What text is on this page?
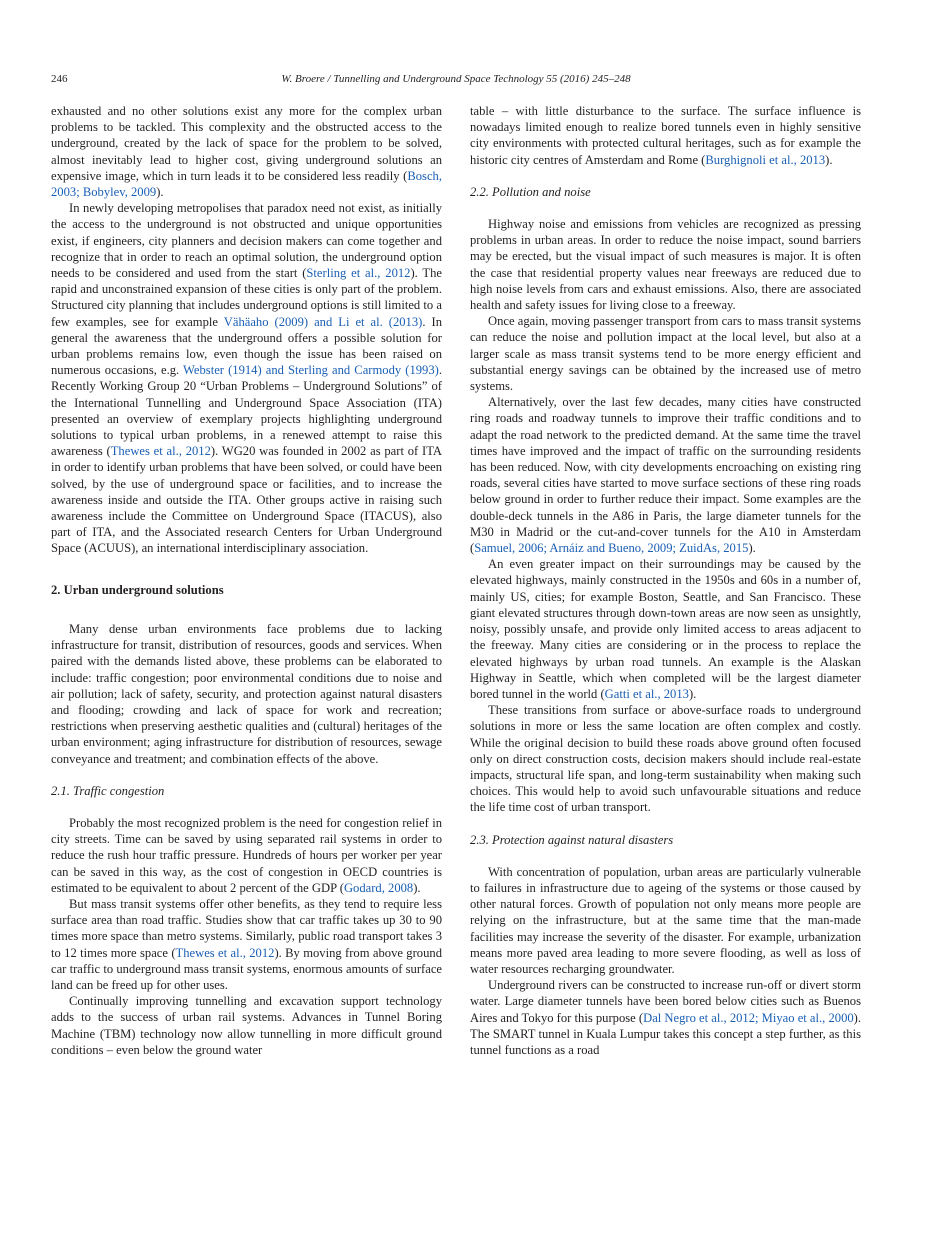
246	W. Broere / Tunnelling and Underground Space Technology 55 (2016) 245–248

exhausted and no other solutions exist any more for the complex urban problems to be tackled. This complexity and the obstructed access to the underground, created by the lack of space for the problem to be solved, almost inevitably lead to higher cost, giving underground solutions an expensive image, which in turn leads it to be considered less readily (Bosch, 2003; Bobylev, 2009).

In newly developing metropolises that paradox need not exist, as initially the access to the underground is not obstructed and unique opportunities exist, if engineers, city planners and decision makers can come together and recognize that in order to reach an optimal solution, the underground option needs to be considered and used from the start (Sterling et al., 2012). The rapid and unconstrained expansion of these cities is only part of the problem. Structured city planning that includes underground options is still limited to a few examples, see for example Vähäaho (2009) and Li et al. (2013). In general the awareness that the underground offers a possible solution for urban problems remains low, even though the issue has been raised on numerous occasions, e.g. Webster (1914) and Sterling and Carmody (1993). Recently Working Group 20 “Urban Problems – Underground Solutions” of the International Tunnelling and Underground Space Association (ITA) presented an overview of exemplary projects highlighting underground solutions to typical urban problems, in a renewed attempt to raise this awareness (Thewes et al., 2012). WG20 was founded in 2002 as part of ITA in order to identify urban problems that have been solved, or could have been solved, by the use of underground space or facilities, and to increase the awareness inside and outside the ITA. Other groups active in raising such awareness include the Committee on Underground Space (ITACUS), also part of ITA, and the Associated research Centers for Urban Underground Space (ACUUS), an international interdisciplinary association.

2. Urban underground solutions

Many dense urban environments face problems due to lacking infrastructure for transit, distribution of resources, goods and services. When paired with the demands listed above, these problems can be elaborated to include: traffic congestion; poor environmental conditions due to noise and air pollution; lack of safety, security, and protection against natural disasters and flooding; crowding and lack of space for work and recreation; restrictions when preserving aesthetic qualities and (cultural) heritages of the urban environment; aging infrastructure for distribution of resources, sewage conveyance and treatment; and combination effects of the above.

2.1. Traffic congestion

Probably the most recognized problem is the need for congestion relief in city streets. Time can be saved by using separated rail systems in order to reduce the rush hour traffic pressure. Hundreds of hours per worker per year can be saved in this way, as the cost of congestion in OECD countries is estimated to be equivalent to about 2 percent of the GDP (Godard, 2008).

But mass transit systems offer other benefits, as they tend to require less surface area than road traffic. Studies show that car traffic takes up 30 to 90 times more space than metro systems. Similarly, public road transport takes 3 to 12 times more space (Thewes et al., 2012). By moving from above ground car traffic to underground mass transit systems, enormous amounts of surface land can be freed up for other uses.

Continually improving tunnelling and excavation support technology adds to the success of urban rail systems. Advances in Tunnel Boring Machine (TBM) technology now allow tunnelling in more difficult ground conditions – even below the ground water

table – with little disturbance to the surface. The surface influence is nowadays limited enough to realize bored tunnels even in highly sensitive city environments with protected cultural heritages, such as for example the historic city centres of Amsterdam and Rome (Burghignoli et al., 2013).

2.2. Pollution and noise

Highway noise and emissions from vehicles are recognized as pressing problems in urban areas. In order to reduce the noise impact, sound barriers may be erected, but the visual impact of such measures is major. It is often the case that residential property values near freeways are reduced due to high noise levels from cars and exhaust emissions. Also, there are associated health and safety issues for living close to a freeway.

Once again, moving passenger transport from cars to mass transit systems can reduce the noise and pollution impact at the local level, but also at a larger scale as mass transit systems tend to be more energy efficient and substantial energy savings can be obtained by the increased use of metro systems.

Alternatively, over the last few decades, many cities have constructed ring roads and roadway tunnels to improve their traffic conditions and to adapt the road network to the predicted demand. At the same time the travel times have improved and the impact of traffic on the surrounding residents has been reduced. Now, with city developments encroaching on existing ring roads, several cities have started to move surface sections of these ring roads below ground in order to further reduce their impact. Some examples are the double-deck tunnels in the A86 in Paris, the large diameter tunnels for the M30 in Madrid or the cut-and-cover tunnels for the A10 in Amsterdam (Samuel, 2006; Arnáiz and Bueno, 2009; ZuidAs, 2015).

An even greater impact on their surroundings may be caused by the elevated highways, mainly constructed in the 1950s and 60s in a number of, mainly US, cities; for example Boston, Seattle, and San Francisco. These giant elevated structures through down-town areas are now seen as unsightly, noisy, possibly unsafe, and provide only limited access to areas adjacent to the freeway. Many cities are considering or in the process to replace the elevated highways by urban road tunnels. An example is the Alaskan Highway in Seattle, which when completed will be the largest diameter bored tunnel in the world (Gatti et al., 2013).

These transitions from surface or above-surface roads to underground solutions in more or less the same location are often complex and costly. While the original decision to build these roads above ground often focused only on direct construction costs, decision makers should include real-estate impacts, structural life span, and long-term sustainability when making such choices. This would help to avoid such unfavourable situations and reduce the life time cost of urban transport.

2.3. Protection against natural disasters

With concentration of population, urban areas are particularly vulnerable to failures in infrastructure due to ageing of the systems or those caused by other natural forces. Growth of population not only means more people are relying on the infrastructure, but at the same time that the man-made facilities may increase the severity of the disaster. For example, urbanization means more paved area leading to more severe flooding, as well as loss of water resources recharging groundwater.

Underground rivers can be constructed to increase run-off or divert storm water. Large diameter tunnels have been bored below cities such as Buenos Aires and Tokyo for this purpose (Dal Negro et al., 2012; Miyao et al., 2000). The SMART tunnel in Kuala Lumpur takes this concept a step further, as this tunnel functions as a road
